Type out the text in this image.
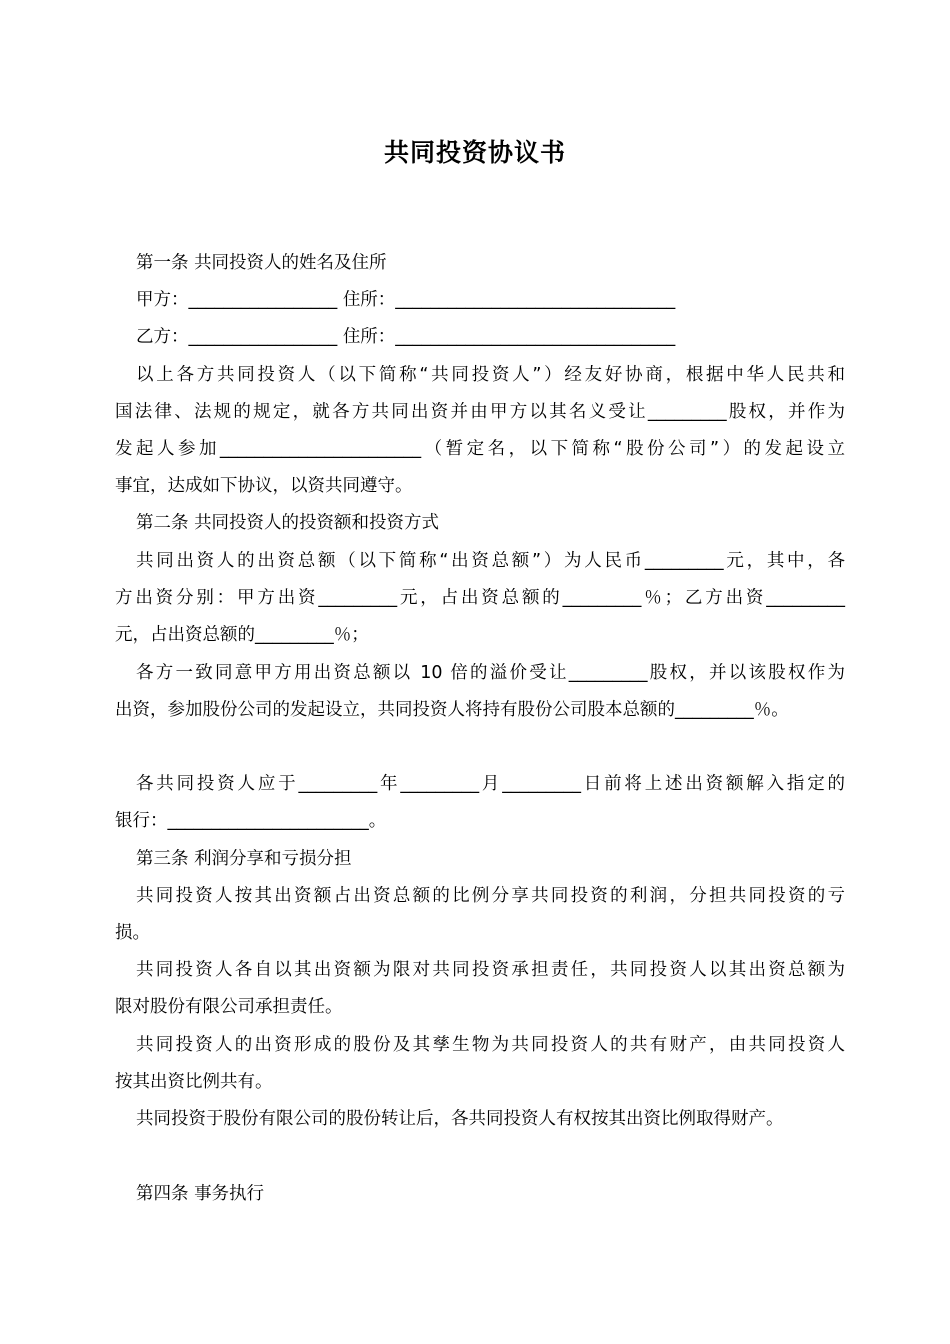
共同投资协议书
第一条 共同投资人的姓名及住所
甲方：_________________ 住所：________________________________
乙方：_________________ 住所：________________________________
以上各方共同投资人（以下简称“共同投资人”）经友好协商，根据中华人民共和
国法律、法规的规定，就各方共同出资并由甲方以其名义受让_________股权，并作为
发起人参加_______________________（暂定名，以下简称“股份公司”）的发起设立
事宜，达成如下协议，以资共同遵守。
第二条 共同投资人的投资额和投资方式
共同出资人的出资总额（以下简称“出资总额”）为人民币_________元，其中，各
方出资分别：甲方出资_________元，占出资总额的_________％；乙方出资_________
元，占出资总额的_________％；
各方一致同意甲方用出资总额以 10 倍的溢价受让_________股权，并以该股权作为
出资，参加股份公司的发起设立，共同投资人将持有股份公司股本总额的_________％。
各共同投资人应于_________年_________月_________日前将上述出资额解入指定的
银行：_______________________。
第三条 利润分享和亏损分担
共同投资人按其出资额占出资总额的比例分享共同投资的利润，分担共同投资的亏
损。
共同投资人各自以其出资额为限对共同投资承担责任，共同投资人以其出资总额为
限对股份有限公司承担责任。
共同投资人的出资形成的股份及其孳生物为共同投资人的共有财产，由共同投资人
按其出资比例共有。
共同投资于股份有限公司的股份转让后，各共同投资人有权按其出资比例取得财产。
第四条 事务执行
